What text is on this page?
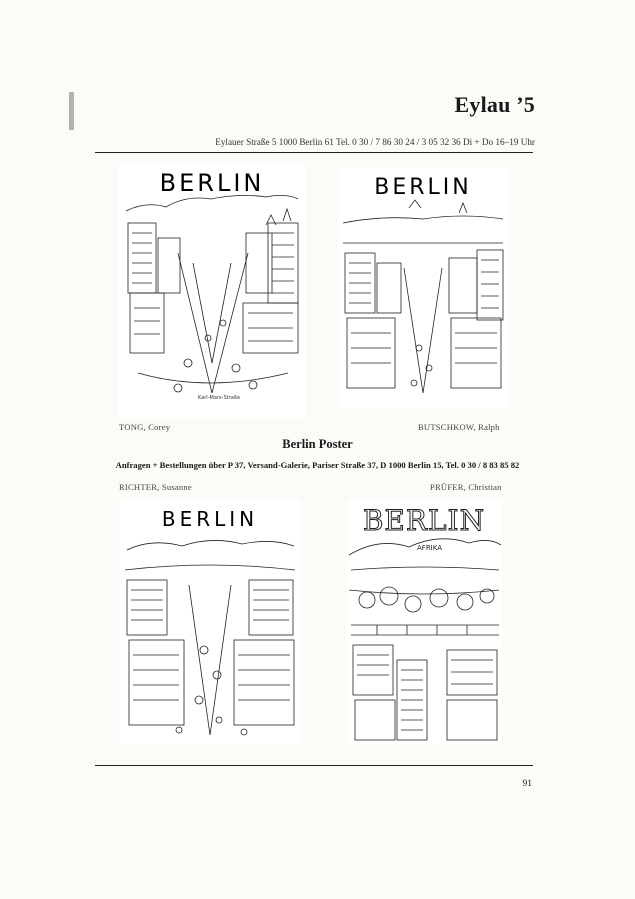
Eylau ’5
Eylauer Straße 5 1000 Berlin 61 Tel. 0 30 / 7 86 30 24 / 3 05 32 36 Di + Do 16–19 Uhr
BERLIN
Karl-Marx-Straße
TONG, Corey
BERLIN
BUTSCHKOW, Ralph
Berlin Poster
Anfragen + Bestellungen über P 37, Versand-Galerie, Pariser Straße 37, D 1000 Berlin 15, Tel. 0 30 / 8 83 85 82
RICHTER, Susanne	PRÜFER, Christian
BERLIN	BERLIN
AFRIKA
91
